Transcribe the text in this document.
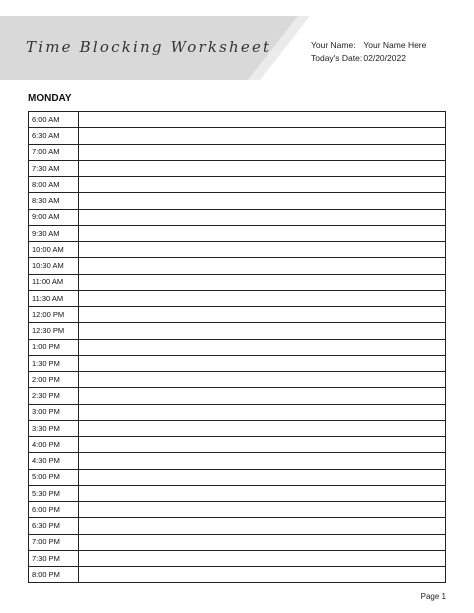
Time Blocking Worksheet	Your Name: Your Name Here
Today's Date: 02/20/2022
MONDAY
6:00 AM	
6:30 AM	
7:00 AM	
7:30 AM	
8:00 AM	
8:30 AM	
9:00 AM	
9:30 AM	
10:00 AM	
10:30 AM	
11:00 AM	
11:30 AM	
12:00 PM	
12:30 PM	
1:00 PM	
1:30 PM	
2:00 PM	
2:30 PM	
3:00 PM	
3:30 PM	
4:00 PM	
4:30 PM	
5:00 PM	
5:30 PM	
6:00 PM	
6:30 PM	
7:00 PM	
7:30 PM	
8:00 PM	
Page 1
